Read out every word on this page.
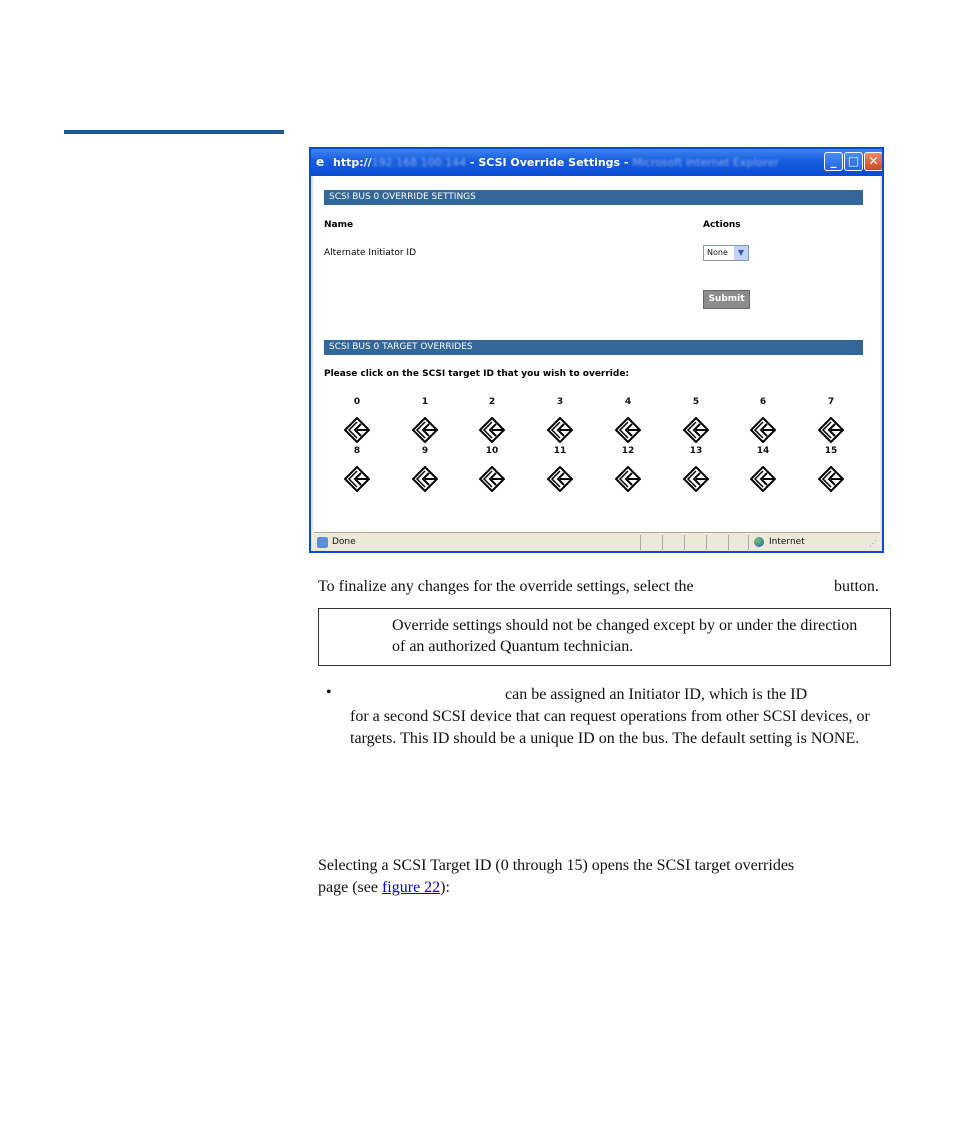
e http://192.168.100.144 - SCSI Override Settings - Microsoft Internet Explorer	_ □ ✕
SCSI BUS 0 OVERRIDE SETTINGS
Name	Actions
Alternate Initiator ID	None	▼
Submit
SCSI BUS 0 TARGET OVERRIDES
Please click on the SCSI target ID that you wish to override:
0	1	2	3	4	5	6	7
8	9	10	11	12	13	14	15
Done	Internet	⋰
To finalize any changes for the override settings, select the	button.
Override settings should not be changed except by or under the direction of an authorized Quantum technician.
•	can be assigned an Initiator ID, which is the ID
for a second SCSI device that can request operations from other SCSI devices, or targets. This ID should be a unique ID on the bus. The default setting is NONE.
Selecting a SCSI Target ID (0 through 15) opens the SCSI target overrides
page (see figure 22):
